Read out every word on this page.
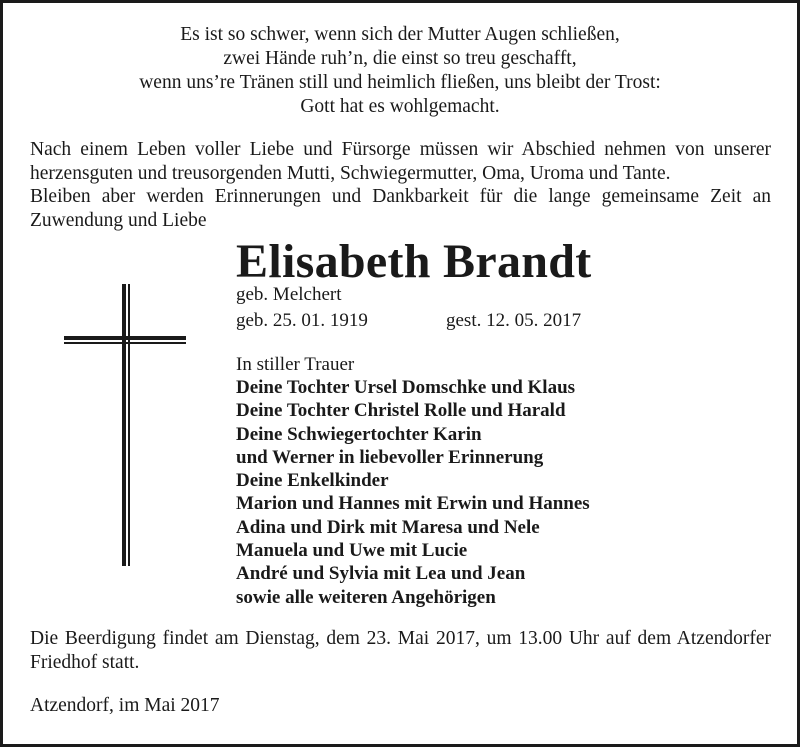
Es ist so schwer, wenn sich der Mutter Augen schließen,
zwei Hände ruh’n, die einst so treu geschafft,
wenn uns’re Tränen still und heimlich fließen, uns bleibt der Trost:
Gott hat es wohlgemacht.
Nach einem Leben voller Liebe und Fürsorge müssen wir Abschied nehmen von unserer herzensguten und treusorgenden Mutti, Schwiegermutter, Oma, Uroma und Tante.
Bleiben aber werden Erinnerungen und Dankbarkeit für die lange gemeinsame Zeit an Zuwendung und Liebe
Elisabeth Brandt
geb. Melchert
geb. 25. 01. 1919	gest. 12. 05. 2017
In stiller Trauer
Deine Tochter Ursel Domschke und Klaus
Deine Tochter Christel Rolle und Harald
Deine Schwiegertochter Karin
und Werner in liebevoller Erinnerung
Deine Enkelkinder
Marion und Hannes mit Erwin und Hannes
Adina und Dirk mit Maresa und Nele
Manuela und Uwe mit Lucie
André und Sylvia mit Lea und Jean
sowie alle weiteren Angehörigen
Die Beerdigung findet am Dienstag, dem 23. Mai 2017, um 13.00 Uhr auf dem Atzendorfer Friedhof statt.
Atzendorf, im Mai 2017
